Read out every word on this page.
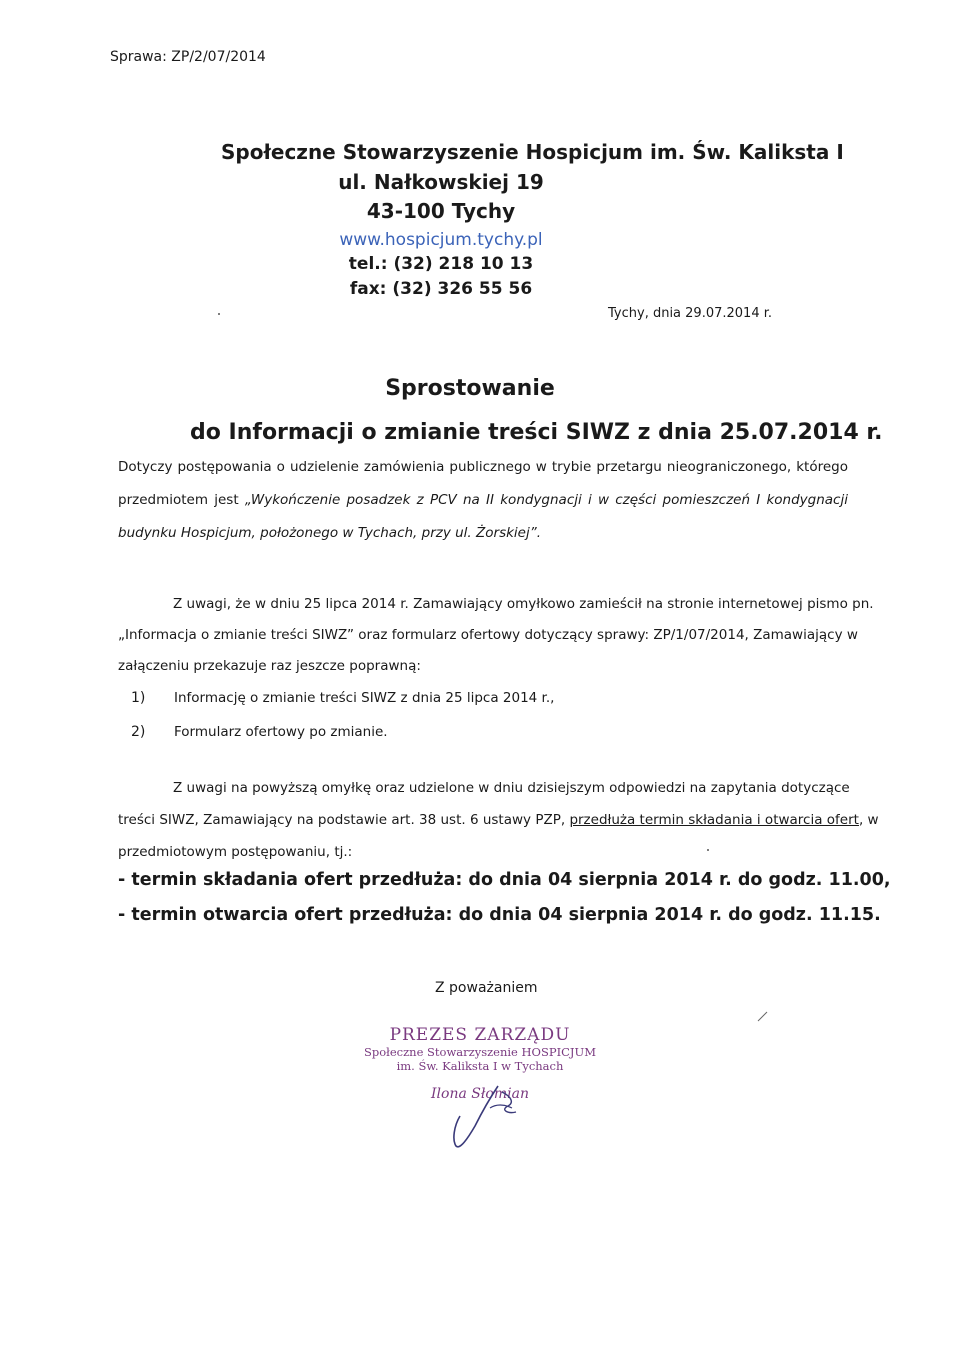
Sprawa: ZP/2/07/2014
Społeczne Stowarzyszenie Hospicjum im. Św. Kaliksta I
ul. Nałkowskiej 19
43-100 Tychy
www.hospicjum.tychy.pl
tel.: (32) 218 10 13
fax: (32) 326 55 56
Tychy, dnia 29.07.2014 r.
Sprostowanie
do Informacji o zmianie treści SIWZ z dnia 25.07.2014 r.
Dotyczy postępowania o udzielenie zamówienia publicznego w trybie przetargu nieograniczonego, którego przedmiotem jest „Wykończenie posadzek z PCV na II kondygnacji i w części pomieszczeń I kondygnacji budynku Hospicjum, położonego w Tychach, przy ul. Żorskiej”.
Z uwagi, że w dniu 25 lipca 2014 r. Zamawiający omyłkowo zamieścił na stronie internetowej pismo pn.
„Informacja o zmianie treści SIWZ” oraz formularz ofertowy dotyczący sprawy: ZP/1/07/2014, Zamawiający w
załączeniu przekazuje raz jeszcze poprawną:
1) Informację o zmianie treści SIWZ z dnia 25 lipca 2014 r.,
2) Formularz ofertowy po zmianie.
Z uwagi na powyższą omyłkę oraz udzielone w dniu dzisiejszym odpowiedzi na zapytania dotyczące
treści SIWZ, Zamawiający na podstawie art. 38 ust. 6 ustawy PZP, przedłuża termin składania i otwarcia ofert, w
przedmiotowym postępowaniu, tj.:
- termin składania ofert przedłuża: do dnia 04 sierpnia 2014 r. do godz. 11.00,
- termin otwarcia ofert przedłuża: do dnia 04 sierpnia 2014 r. do godz. 11.15.
Z poważaniem
PREZES ZARZĄDU
Społeczne Stowarzyszenie HOSPICJUM
im. Św. Kaliksta I w Tychach
Ilona Słomian
